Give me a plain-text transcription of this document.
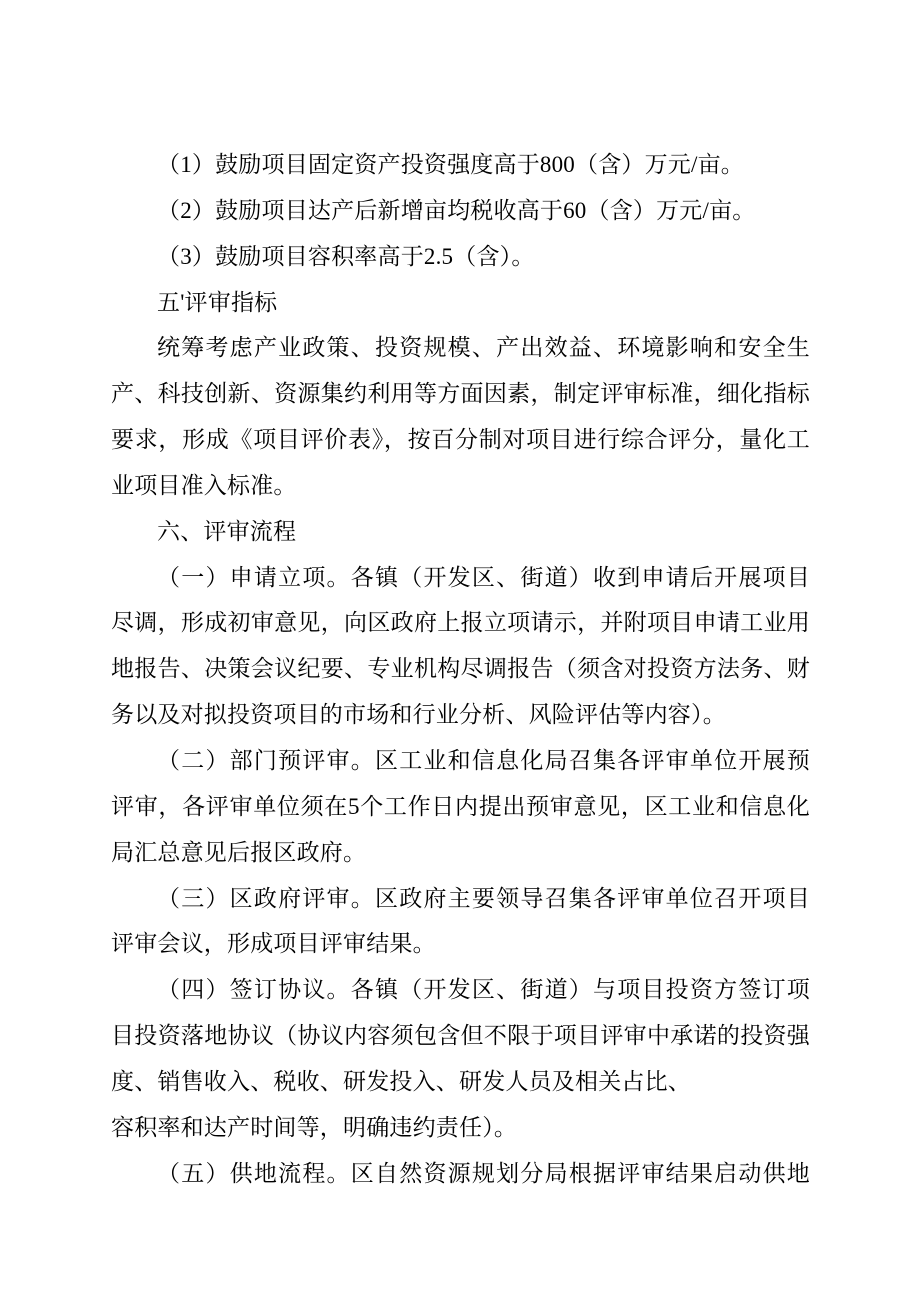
（1）鼓励项目固定资产投资强度高于800（含）万元/亩。
（2）鼓励项目达产后新增亩均税收高于60（含）万元/亩。
（3）鼓励项目容积率高于2.5（含）。
五'评审指标
统筹考虑产业政策、投资规模、产出效益、环境影响和安全生
产、科技创新、资源集约利用等方面因素，制定评审标准，细化指标
要求，形成《项目评价表》，按百分制对项目进行综合评分，量化工
业项目准入标准。
六、评审流程
（一）申请立项。各镇（开发区、街道）收到申请后开展项目
尽调，形成初审意见，向区政府上报立项请示，并附项目申请工业用
地报告、决策会议纪要、专业机构尽调报告（须含对投资方法务、财
务以及对拟投资项目的市场和行业分析、风险评估等内容）。
（二）部门预评审。区工业和信息化局召集各评审单位开展预
评审，各评审单位须在5个工作日内提出预审意见，区工业和信息化
局汇总意见后报区政府。
（三）区政府评审。区政府主要领导召集各评审单位召开项目
评审会议，形成项目评审结果。
（四）签订协议。各镇（开发区、街道）与项目投资方签订项
目投资落地协议（协议内容须包含但不限于项目评审中承诺的投资强
度、销售收入、税收、研发投入、研发人员及相关占比、
容积率和达产时间等，明确违约责任）。
（五）供地流程。区自然资源规划分局根据评审结果启动供地
